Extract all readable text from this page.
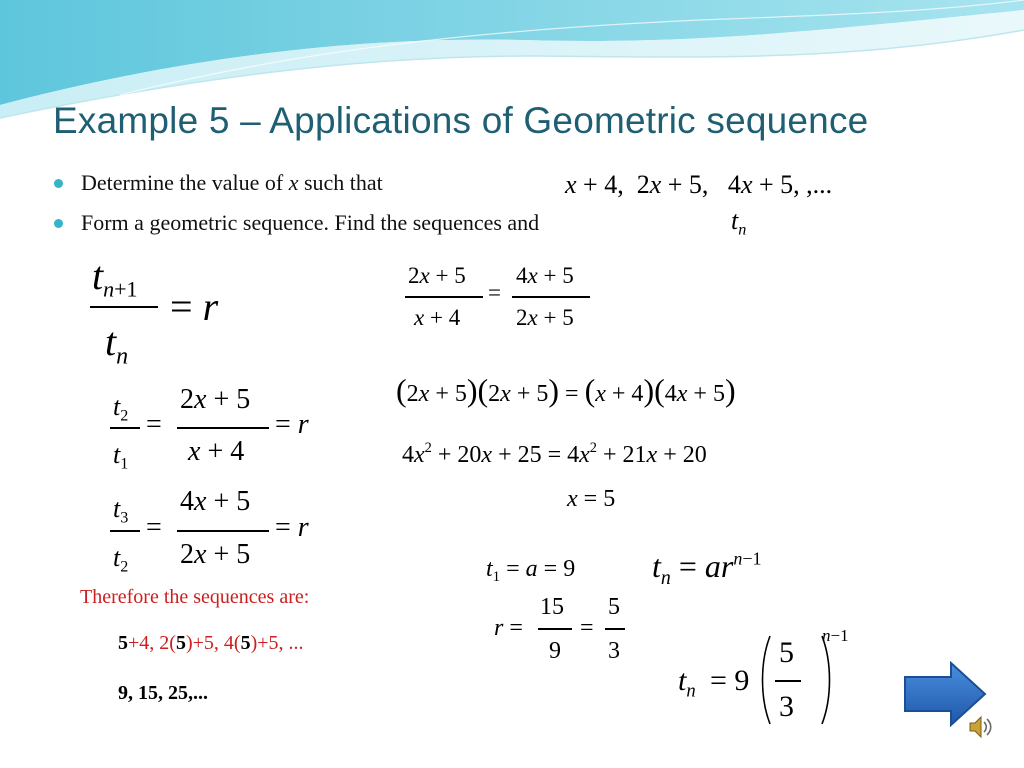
Example 5 – Applications of Geometric sequence
Determine the value of x such that	x + 4,  2x + 5,   4x + 5, ,...
Form a geometric sequence. Find the sequences and	$t_n$
tn+1
$t_n$
= r
$t_2$
$t_1$
=
2x + 5
x + 4
= r
$t_3$
$t_2$
=
4x + 5
2x + 5
= r
2x + 5
x + 4
=
4x + 5
2x + 5
(2x + 5)(2x + 5) = (x + 4)(4x + 5)
$4x^2 + 20x + 25 = 4x^2 + 21x + 20$
x = 5
Therefore the sequences are:
5+4, 2(5)+5, 4(5)+5, ...
9, 15, 25,...
$t_1 = a = 9$ $t_n = ar^{n-1}$
r =
15
9
=
5
3
$t_n = 9$
5
3
n−1
